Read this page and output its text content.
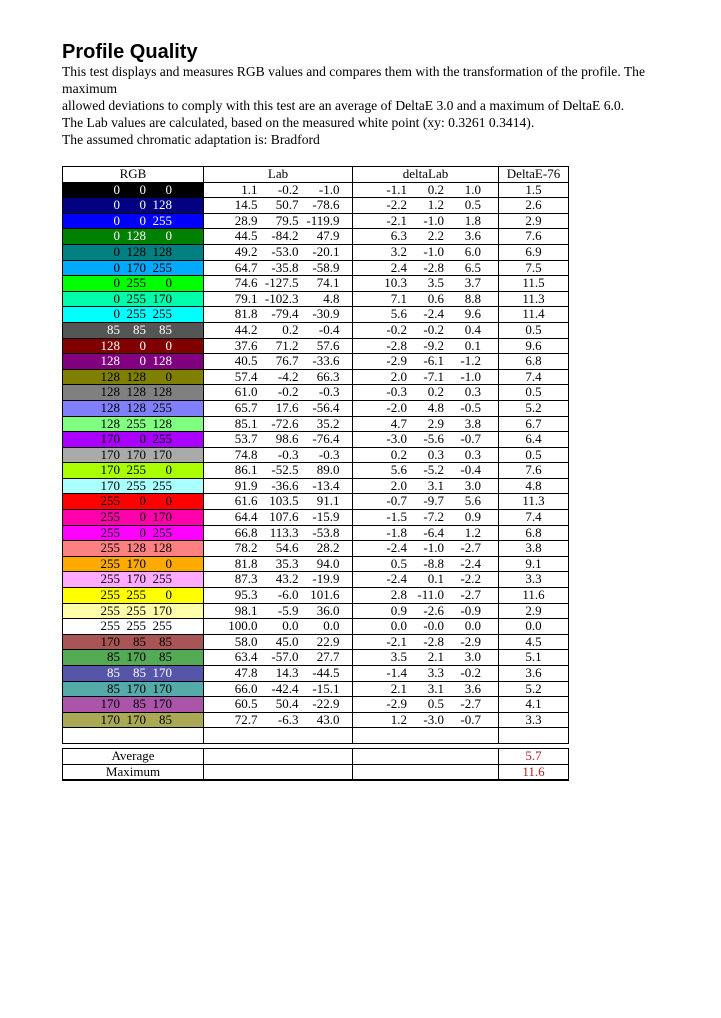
Profile Quality

This test displays and measures RGB values and compares them with the transformation of the profile. The maximum
allowed deviations to comply with this test are an average of DeltaE 3.0 and a maximum of DeltaE 6.0.

The Lab values are calculated, based on the measured white point (xy: 0.3261 0.3414).

The assumed chromatic adaptation is: Bradford

RGB	Lab	deltaLab	DeltaE-76
0 0 0	1.1 -0.2 -1.0	-1.1 0.2 1.0	1.5
0 0 128	14.5 50.7 -78.6	-2.2 1.2 0.5	2.6
0 0 255	28.9 79.5 -119.9	-2.1 -1.0 1.8	2.9
0 128 0	44.5 -84.2 47.9	6.3 2.2 3.6	7.6
0 128 128	49.2 -53.0 -20.1	3.2 -1.0 6.0	6.9
0 170 255	64.7 -35.8 -58.9	2.4 -2.8 6.5	7.5
0 255 0	74.6 -127.5 74.1	10.3 3.5 3.7	11.5
0 255 170	79.1 -102.3 4.8	7.1 0.6 8.8	11.3
0 255 255	81.8 -79.4 -30.9	5.6 -2.4 9.6	11.4
85 85 85	44.2 0.2 -0.4	-0.2 -0.2 0.4	0.5
128 0 0	37.6 71.2 57.6	-2.8 -9.2 0.1	9.6
128 0 128	40.5 76.7 -33.6	-2.9 -6.1 -1.2	6.8
128 128 0	57.4 -4.2 66.3	2.0 -7.1 -1.0	7.4
128 128 128	61.0 -0.2 -0.3	-0.3 0.2 0.3	0.5
128 128 255	65.7 17.6 -56.4	-2.0 4.8 -0.5	5.2
128 255 128	85.1 -72.6 35.2	4.7 2.9 3.8	6.7
170 0 255	53.7 98.6 -76.4	-3.0 -5.6 -0.7	6.4
170 170 170	74.8 -0.3 -0.3	0.2 0.3 0.3	0.5
170 255 0	86.1 -52.5 89.0	5.6 -5.2 -0.4	7.6
170 255 255	91.9 -36.6 -13.4	2.0 3.1 3.0	4.8
255 0 0	61.6 103.5 91.1	-0.7 -9.7 5.6	11.3
255 0 170	64.4 107.6 -15.9	-1.5 -7.2 0.9	7.4
255 0 255	66.8 113.3 -53.8	-1.8 -6.4 1.2	6.8
255 128 128	78.2 54.6 28.2	-2.4 -1.0 -2.7	3.8
255 170 0	81.8 35.3 94.0	0.5 -8.8 -2.4	9.1
255 170 255	87.3 43.2 -19.9	-2.4 0.1 -2.2	3.3
255 255 0	95.3 -6.0 101.6	2.8 -11.0 -2.7	11.6
255 255 170	98.1 -5.9 36.0	0.9 -2.6 -0.9	2.9
255 255 255	100.0 0.0 0.0	0.0 -0.0 0.0	0.0
170 85 85	58.0 45.0 22.9	-2.1 -2.8 -2.9	4.5
85 170 85	63.4 -57.0 27.7	3.5 2.1 3.0	5.1
85 85 170	47.8 14.3 -44.5	-1.4 3.3 -0.2	3.6
85 170 170	66.0 -42.4 -15.1	2.1 3.1 3.6	5.2
170 85 170	60.5 50.4 -22.9	-2.9 0.5 -2.7	4.1
170 170 85	72.7 -6.3 43.0	1.2 -3.0 -0.7	3.3

Average			5.7
Maximum			11.6
